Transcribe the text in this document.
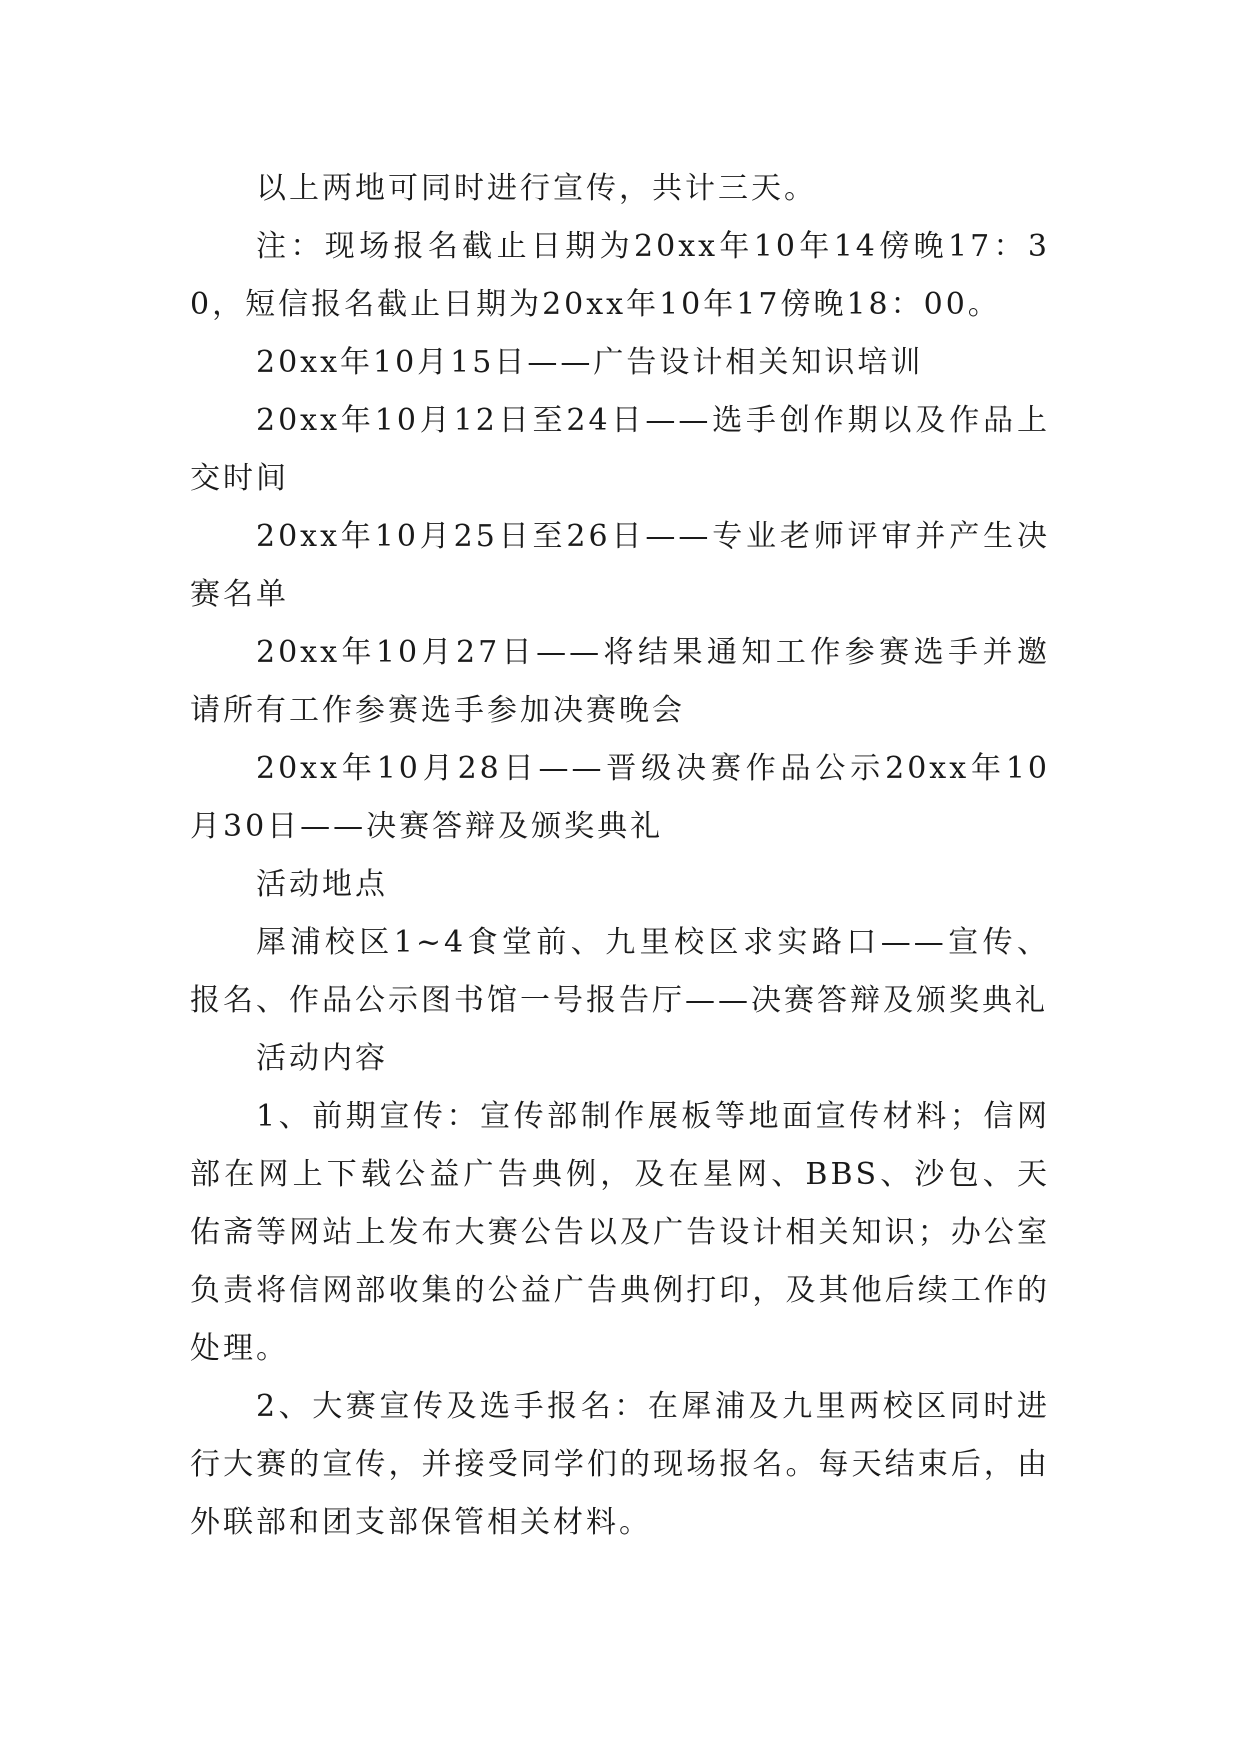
以上两地可同时进行宣传，共计三天。

注：现场报名截止日期为20xx年10年14傍晚17：30，短信报名截止日期为20xx年10年17傍晚18：00。

20xx年10月15日——广告设计相关知识培训

20xx年10月12日至24日——选手创作期以及作品上交时间

20xx年10月25日至26日——专业老师评审并产生决赛名单

20xx年10月27日——将结果通知工作参赛选手并邀请所有工作参赛选手参加决赛晚会

20xx年10月28日——晋级决赛作品公示20xx年10月30日——决赛答辩及颁奖典礼

活动地点

犀浦校区1~4食堂前、九里校区求实路口——宣传、报名、作品公示图书馆一号报告厅——决赛答辩及颁奖典礼

活动内容

1、前期宣传：宣传部制作展板等地面宣传材料；信网部在网上下载公益广告典例，及在星网、BBS、沙包、天佑斋等网站上发布大赛公告以及广告设计相关知识；办公室负责将信网部收集的公益广告典例打印，及其他后续工作的处理。

2、大赛宣传及选手报名：在犀浦及九里两校区同时进行大赛的宣传，并接受同学们的现场报名。每天结束后，由外联部和团支部保管相关材料。
